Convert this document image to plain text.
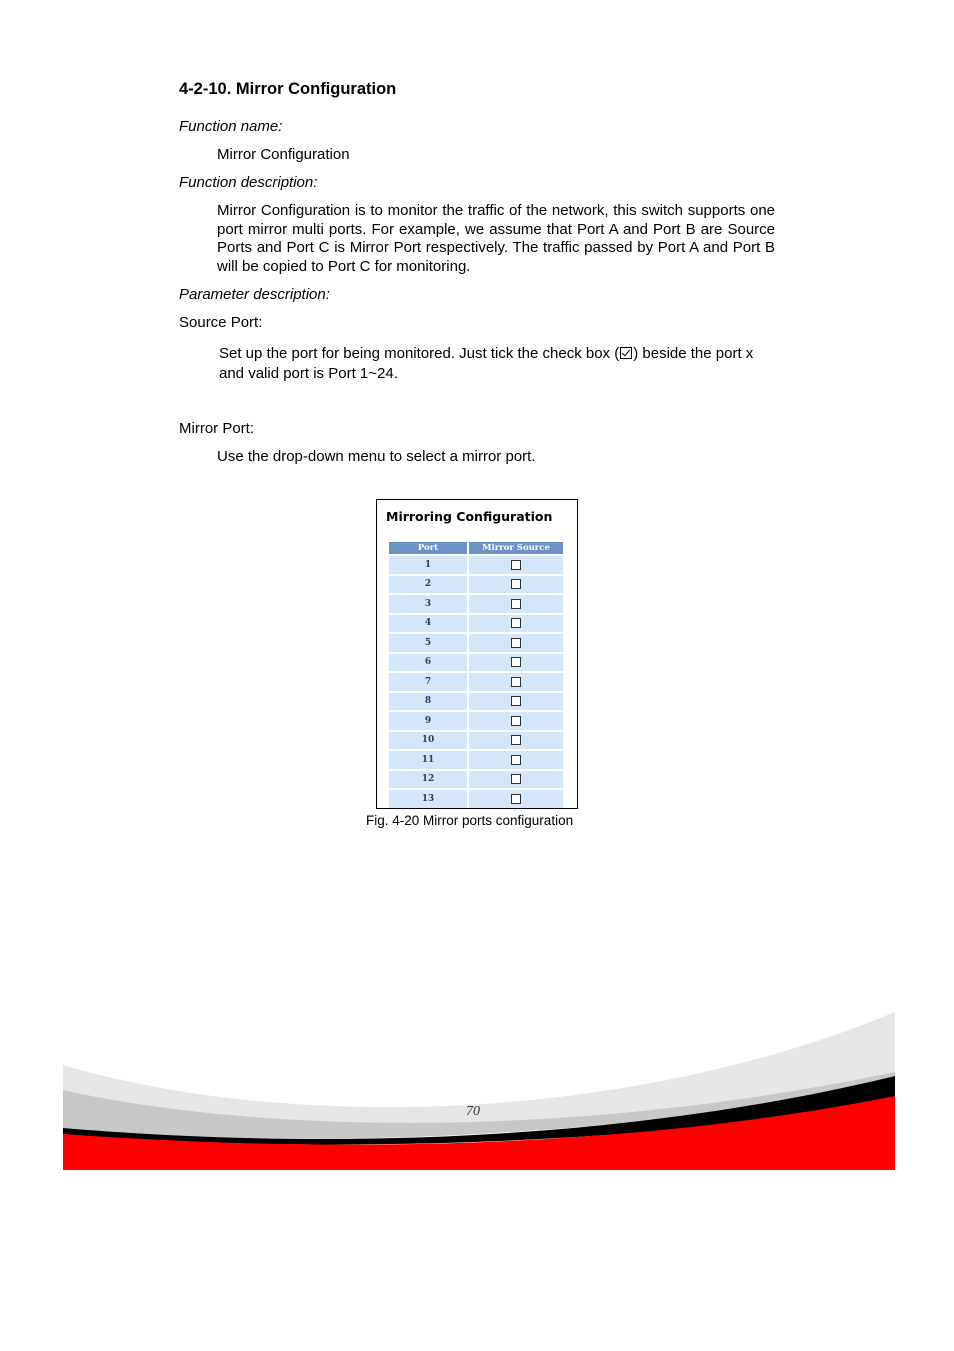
4-2-10. Mirror Configuration
Function name:
Mirror Configuration
Function description:
Mirror Configuration is to monitor the traffic of the network, this switch supports one port mirror multi ports. For example, we assume that Port A and Port B are Source Ports and Port C is Mirror Port respectively. The traffic passed by Port A and Port B will be copied to Port C for monitoring.
Parameter description:
Source Port:
Set up the port for being monitored. Just tick the check box ( ) beside the port x and valid port is Port 1~24.
Mirror Port:
Use the drop-down menu to select a mirror port.
Mirroring Configuration
Port	Mirror Source
1	
2	
3	
4	
5	
6	
7	
8	
9	
10	
11	
12	
13	
Fig. 4-20 Mirror ports configuration
70
